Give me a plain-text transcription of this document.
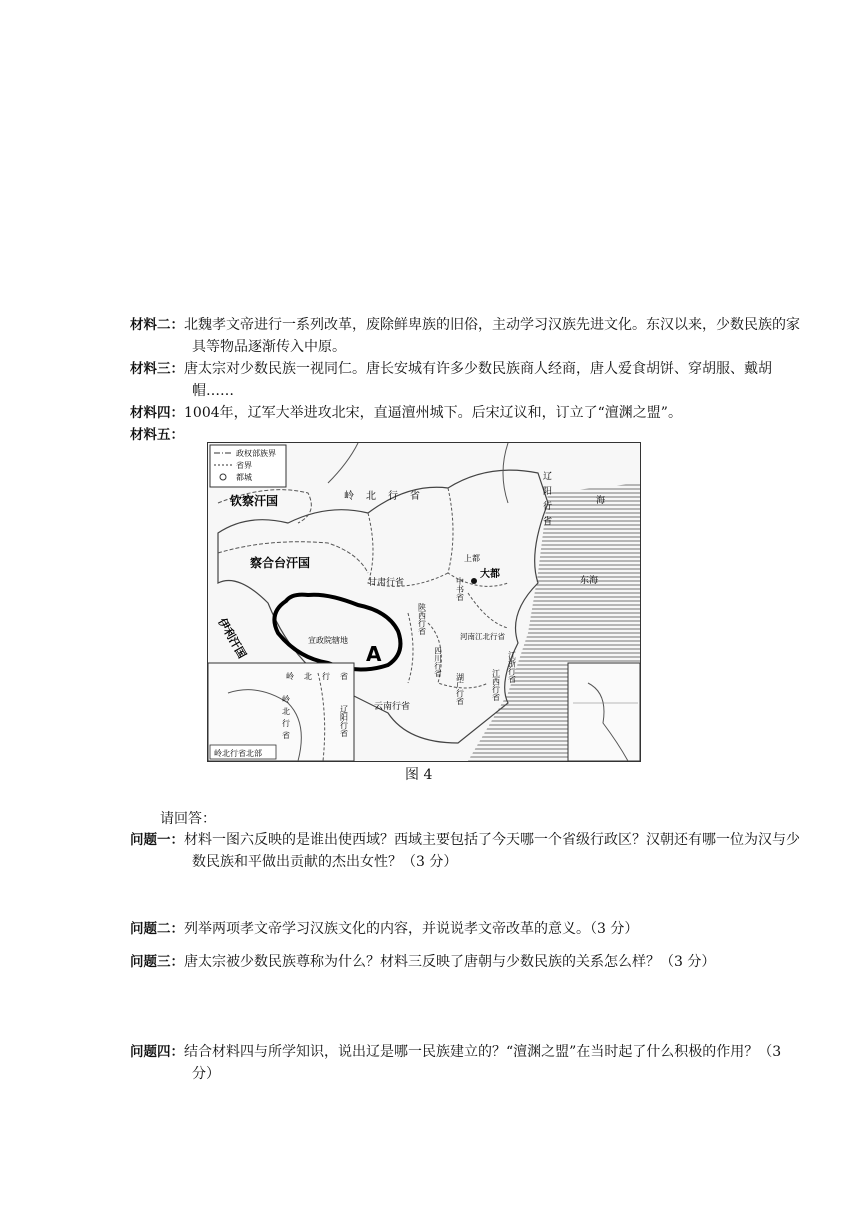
材料二：北魏孝文帝进行一系列改革，废除鲜卑族的旧俗，主动学习汉族先进文化。东汉以来，少数民族的家具等物品逐渐传入中原。
材料三：唐太宗对少数民族一视同仁。唐长安城有许多少数民族商人经商，唐人爱食胡饼、穿胡服、戴胡帽……
材料四：1004年，辽军大举进攻北宋，直逼澶州城下。后宋辽议和，订立了“澶渊之盟”。
材料五：
政权部族界
省界
都城
钦察汗国
察合台汗国
伊利汗国
岭北行省	辽阳行省
甘肃行省
陕西行省
上都
中书省
大都
宣政院辖地	河南江北行省
四川行省	江浙行省
江西行省
湖广行省
云南行省
海
东海
A
岭北行省
岭北行省	辽阳行省
岭北行省北部
图 4
请回答：
问题一：材料一图六反映的是谁出使西域？西域主要包括了今天哪一个省级行政区？汉朝还有哪一位为汉与少数民族和平做出贡献的杰出女性？（3 分）
问题二：列举两项孝文帝学习汉族文化的内容，并说说孝文帝改革的意义。（3 分）
问题三：唐太宗被少数民族尊称为什么？材料三反映了唐朝与少数民族的关系怎么样？（3 分）
问题四：结合材料四与所学知识，说出辽是哪一民族建立的？“澶渊之盟”在当时起了什么积极的作用？（3 分）
